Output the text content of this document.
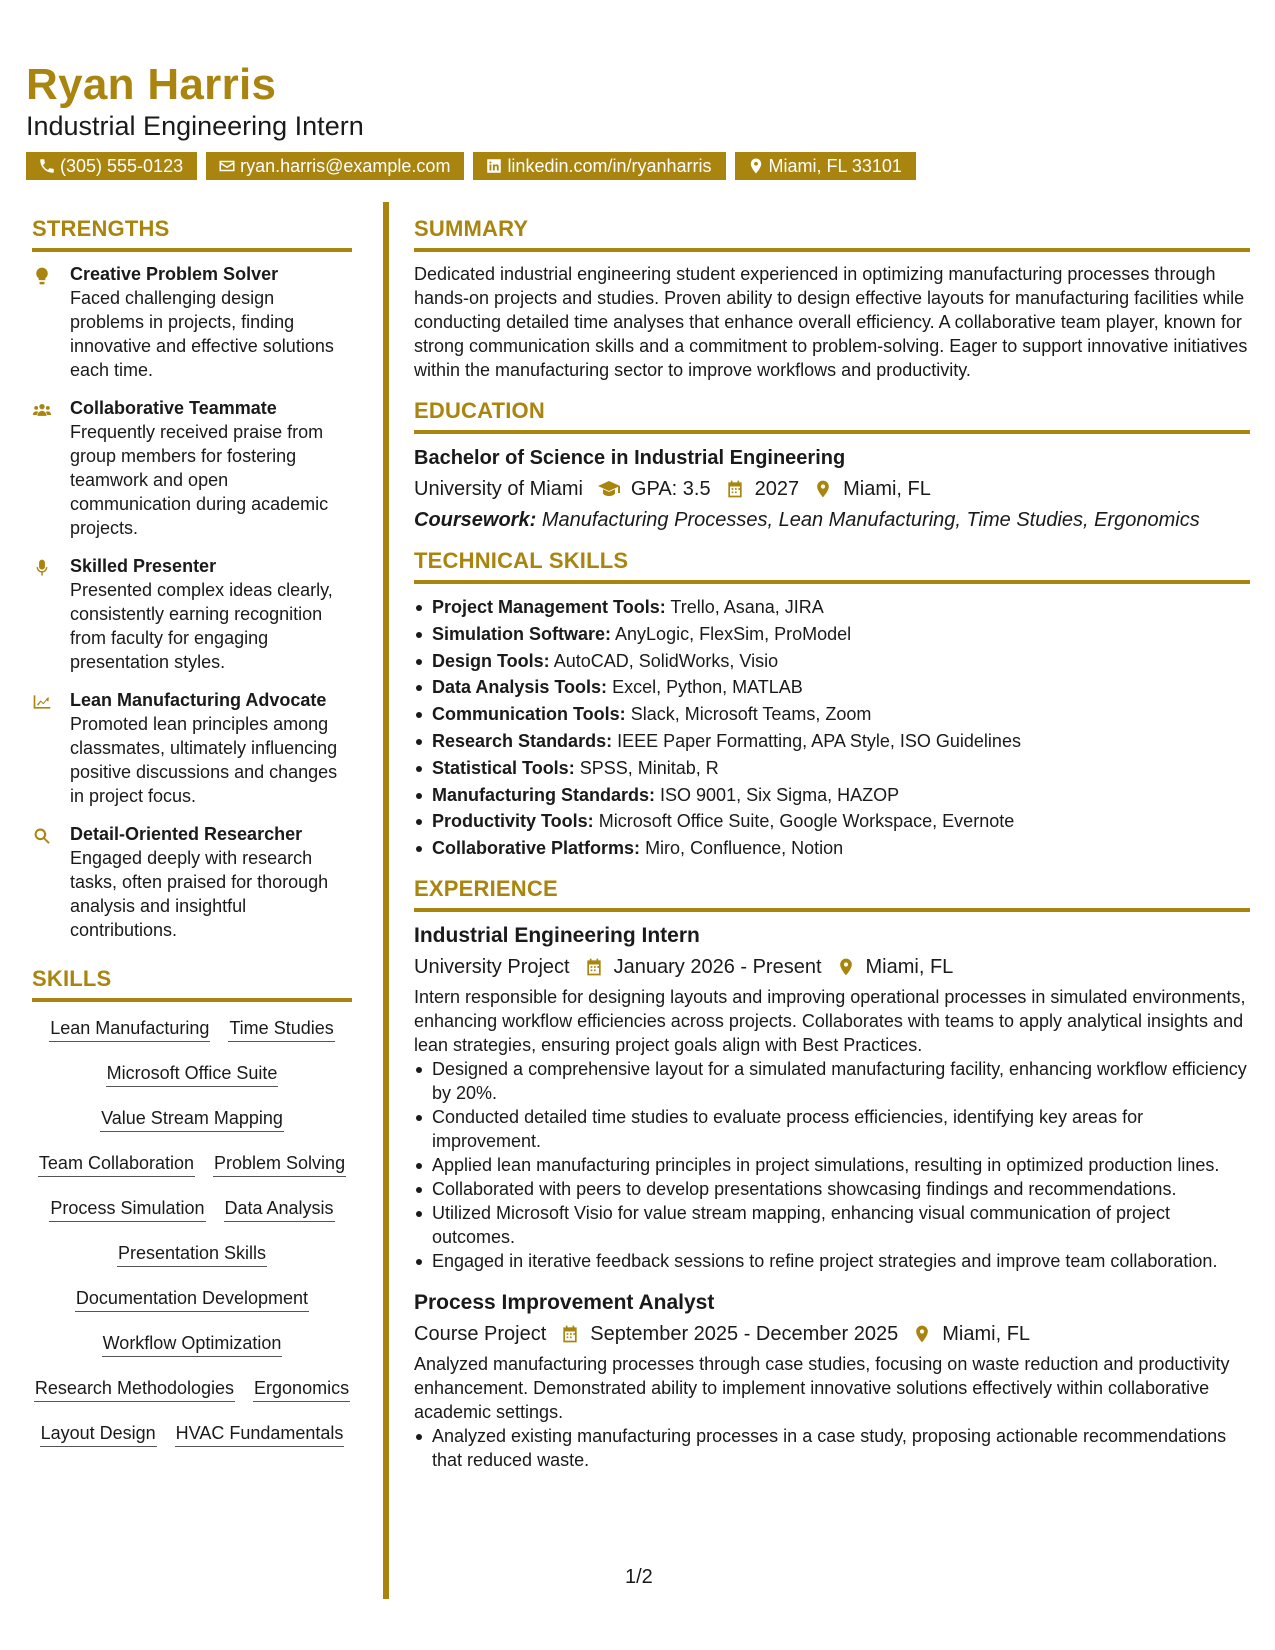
Ryan Harris
Industrial Engineering Intern
(305) 555-0123	ryan.harris@example.com	linkedin.com/in/ryanharris	Miami, FL 33101
STRENGTHS
Creative Problem Solver
Faced challenging design problems in projects, finding innovative and effective solutions each time.
Collaborative Teammate
Frequently received praise from group members for fostering teamwork and open communication during academic projects.
Skilled Presenter
Presented complex ideas clearly, consistently earning recognition from faculty for engaging presentation styles.
Lean Manufacturing Advocate
Promoted lean principles among classmates, ultimately influencing positive discussions and changes in project focus.
Detail-Oriented Researcher
Engaged deeply with research tasks, often praised for thorough analysis and insightful contributions.
SKILLS
Lean Manufacturing Time Studies
Microsoft Office Suite
Value Stream Mapping
Team Collaboration Problem Solving
Process Simulation Data Analysis
Presentation Skills
Documentation Development
Workflow Optimization
Research Methodologies Ergonomics
Layout Design HVAC Fundamentals
SUMMARY

Dedicated industrial engineering student experienced in optimizing manufacturing processes through hands-on projects and studies. Proven ability to design effective layouts for manufacturing facilities while conducting detailed time analyses that enhance overall efficiency. A collaborative team player, known for strong communication skills and a commitment to problem-solving. Eager to support innovative initiatives within the manufacturing sector to improve workflows and productivity.

EDUCATION
Bachelor of Science in Industrial Engineering
University of Miami GPA: 3.5 2027 Miami, FL
Coursework: Manufacturing Processes, Lean Manufacturing, Time Studies, Ergonomics
TECHNICAL SKILLS
Project Management Tools: Trello, Asana, JIRA
Simulation Software: AnyLogic, FlexSim, ProModel
Design Tools: AutoCAD, SolidWorks, Visio
Data Analysis Tools: Excel, Python, MATLAB
Communication Tools: Slack, Microsoft Teams, Zoom
Research Standards: IEEE Paper Formatting, APA Style, ISO Guidelines
Statistical Tools: SPSS, Minitab, R
Manufacturing Standards: ISO 9001, Six Sigma, HAZOP
Productivity Tools: Microsoft Office Suite, Google Workspace, Evernote
Collaborative Platforms: Miro, Confluence, Notion
EXPERIENCE
Industrial Engineering Intern
University Project January 2026 - Present Miami, FL
Intern responsible for designing layouts and improving operational processes in simulated environments, enhancing workflow efficiencies across projects. Collaborates with teams to apply analytical insights and lean strategies, ensuring project goals align with Best Practices.
Designed a comprehensive layout for a simulated manufacturing facility, enhancing workflow efficiency by 20%.
Conducted detailed time studies to evaluate process efficiencies, identifying key areas for improvement.
Applied lean manufacturing principles in project simulations, resulting in optimized production lines.
Collaborated with peers to develop presentations showcasing findings and recommendations.
Utilized Microsoft Visio for value stream mapping, enhancing visual communication of project outcomes.
Engaged in iterative feedback sessions to refine project strategies and improve team collaboration.
Process Improvement Analyst
Course Project September 2025 - December 2025 Miami, FL
Analyzed manufacturing processes through case studies, focusing on waste reduction and productivity enhancement. Demonstrated ability to implement innovative solutions effectively within collaborative academic settings.
Analyzed existing manufacturing processes in a case study, proposing actionable recommendations that reduced waste.
1/2
